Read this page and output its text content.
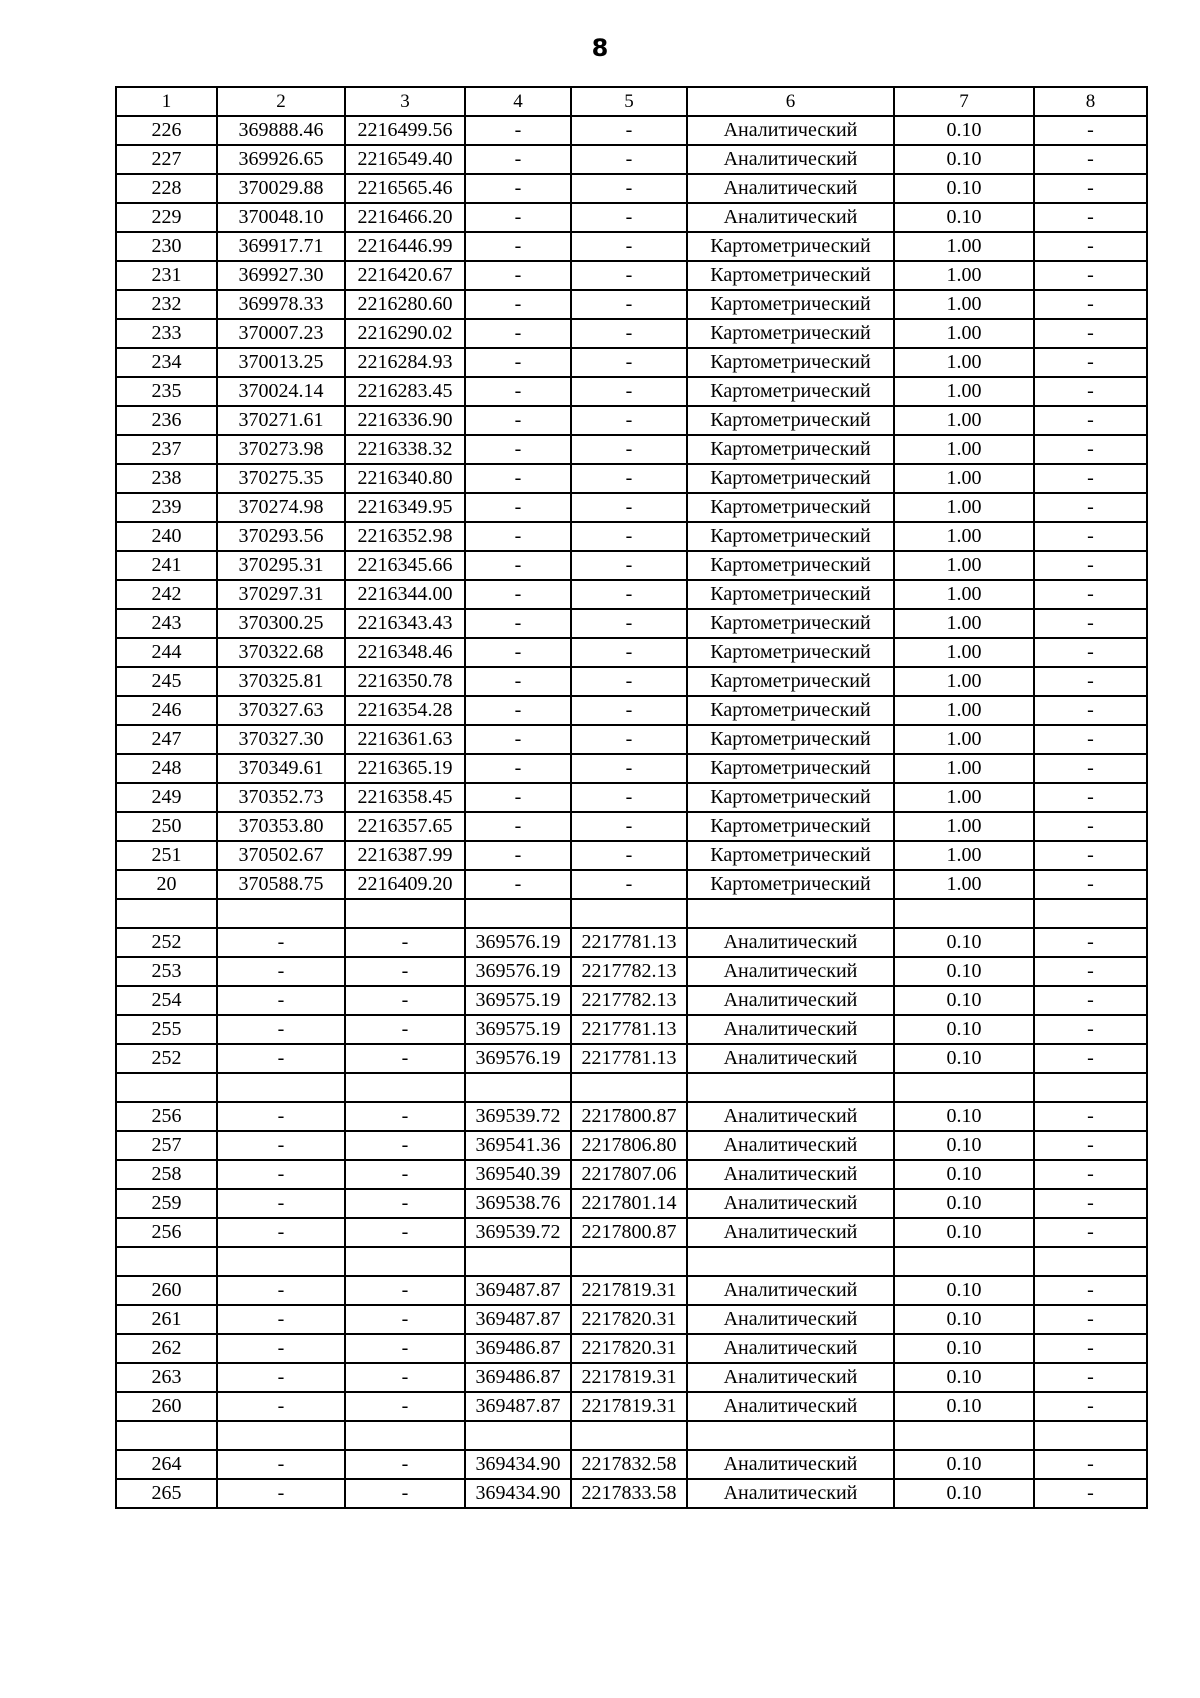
8
1	2	3	4	5	6	7	8
226	369888.46	2216499.56	-	-	Аналитический	0.10	-
227	369926.65	2216549.40	-	-	Аналитический	0.10	-
228	370029.88	2216565.46	-	-	Аналитический	0.10	-
229	370048.10	2216466.20	-	-	Аналитический	0.10	-
230	369917.71	2216446.99	-	-	Картометрический	1.00	-
231	369927.30	2216420.67	-	-	Картометрический	1.00	-
232	369978.33	2216280.60	-	-	Картометрический	1.00	-
233	370007.23	2216290.02	-	-	Картометрический	1.00	-
234	370013.25	2216284.93	-	-	Картометрический	1.00	-
235	370024.14	2216283.45	-	-	Картометрический	1.00	-
236	370271.61	2216336.90	-	-	Картометрический	1.00	-
237	370273.98	2216338.32	-	-	Картометрический	1.00	-
238	370275.35	2216340.80	-	-	Картометрический	1.00	-
239	370274.98	2216349.95	-	-	Картометрический	1.00	-
240	370293.56	2216352.98	-	-	Картометрический	1.00	-
241	370295.31	2216345.66	-	-	Картометрический	1.00	-
242	370297.31	2216344.00	-	-	Картометрический	1.00	-
243	370300.25	2216343.43	-	-	Картометрический	1.00	-
244	370322.68	2216348.46	-	-	Картометрический	1.00	-
245	370325.81	2216350.78	-	-	Картометрический	1.00	-
246	370327.63	2216354.28	-	-	Картометрический	1.00	-
247	370327.30	2216361.63	-	-	Картометрический	1.00	-
248	370349.61	2216365.19	-	-	Картометрический	1.00	-
249	370352.73	2216358.45	-	-	Картометрический	1.00	-
250	370353.80	2216357.65	-	-	Картометрический	1.00	-
251	370502.67	2216387.99	-	-	Картометрический	1.00	-
20	370588.75	2216409.20	-	-	Картометрический	1.00	-

252	-	-	369576.19	2217781.13	Аналитический	0.10	-
253	-	-	369576.19	2217782.13	Аналитический	0.10	-
254	-	-	369575.19	2217782.13	Аналитический	0.10	-
255	-	-	369575.19	2217781.13	Аналитический	0.10	-
252	-	-	369576.19	2217781.13	Аналитический	0.10	-

256	-	-	369539.72	2217800.87	Аналитический	0.10	-
257	-	-	369541.36	2217806.80	Аналитический	0.10	-
258	-	-	369540.39	2217807.06	Аналитический	0.10	-
259	-	-	369538.76	2217801.14	Аналитический	0.10	-
256	-	-	369539.72	2217800.87	Аналитический	0.10	-

260	-	-	369487.87	2217819.31	Аналитический	0.10	-
261	-	-	369487.87	2217820.31	Аналитический	0.10	-
262	-	-	369486.87	2217820.31	Аналитический	0.10	-
263	-	-	369486.87	2217819.31	Аналитический	0.10	-
260	-	-	369487.87	2217819.31	Аналитический	0.10	-

264	-	-	369434.90	2217832.58	Аналитический	0.10	-
265	-	-	369434.90	2217833.58	Аналитический	0.10	-
